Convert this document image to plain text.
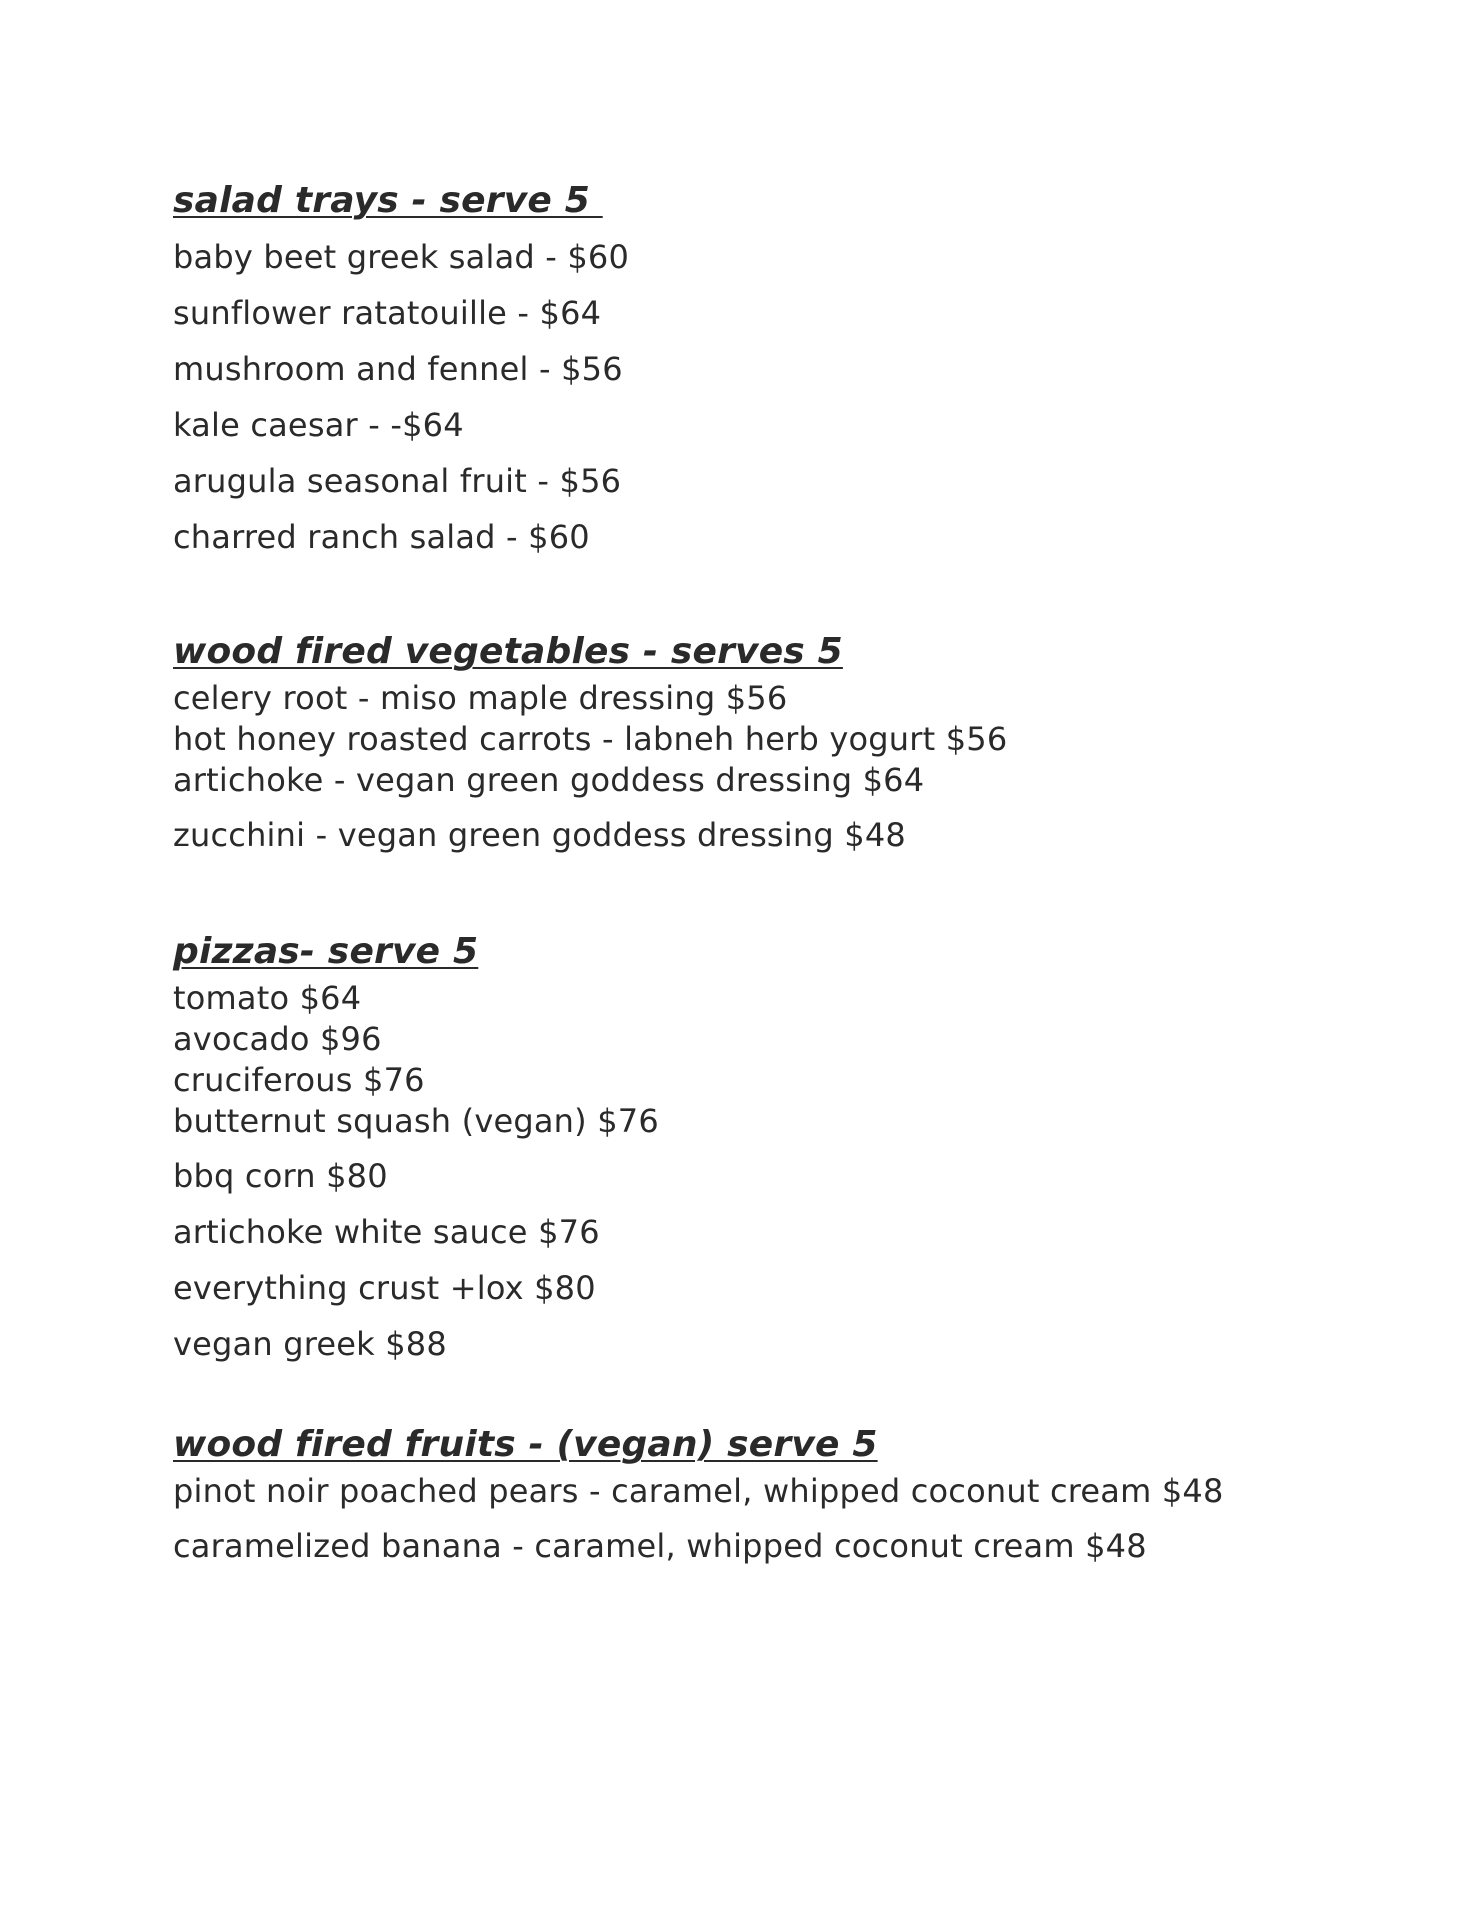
salad trays - serve 5
baby beet greek salad - $60
sunflower ratatouille - $64
mushroom and fennel - $56
kale caesar - -$64
arugula seasonal fruit - $56
charred ranch salad - $60
wood fired vegetables - serves 5
celery root - miso maple dressing $56
hot honey roasted carrots - labneh herb yogurt $56
artichoke - vegan green goddess dressing $64
zucchini - vegan green goddess dressing $48
pizzas- serve 5
tomato $64
avocado $96
cruciferous $76
butternut squash (vegan) $76
bbq corn $80
artichoke white sauce $76
everything crust +lox $80
vegan greek $88
wood fired fruits - (vegan) serve 5
pinot noir poached pears - caramel, whipped coconut cream $48
caramelized banana - caramel, whipped coconut cream $48
